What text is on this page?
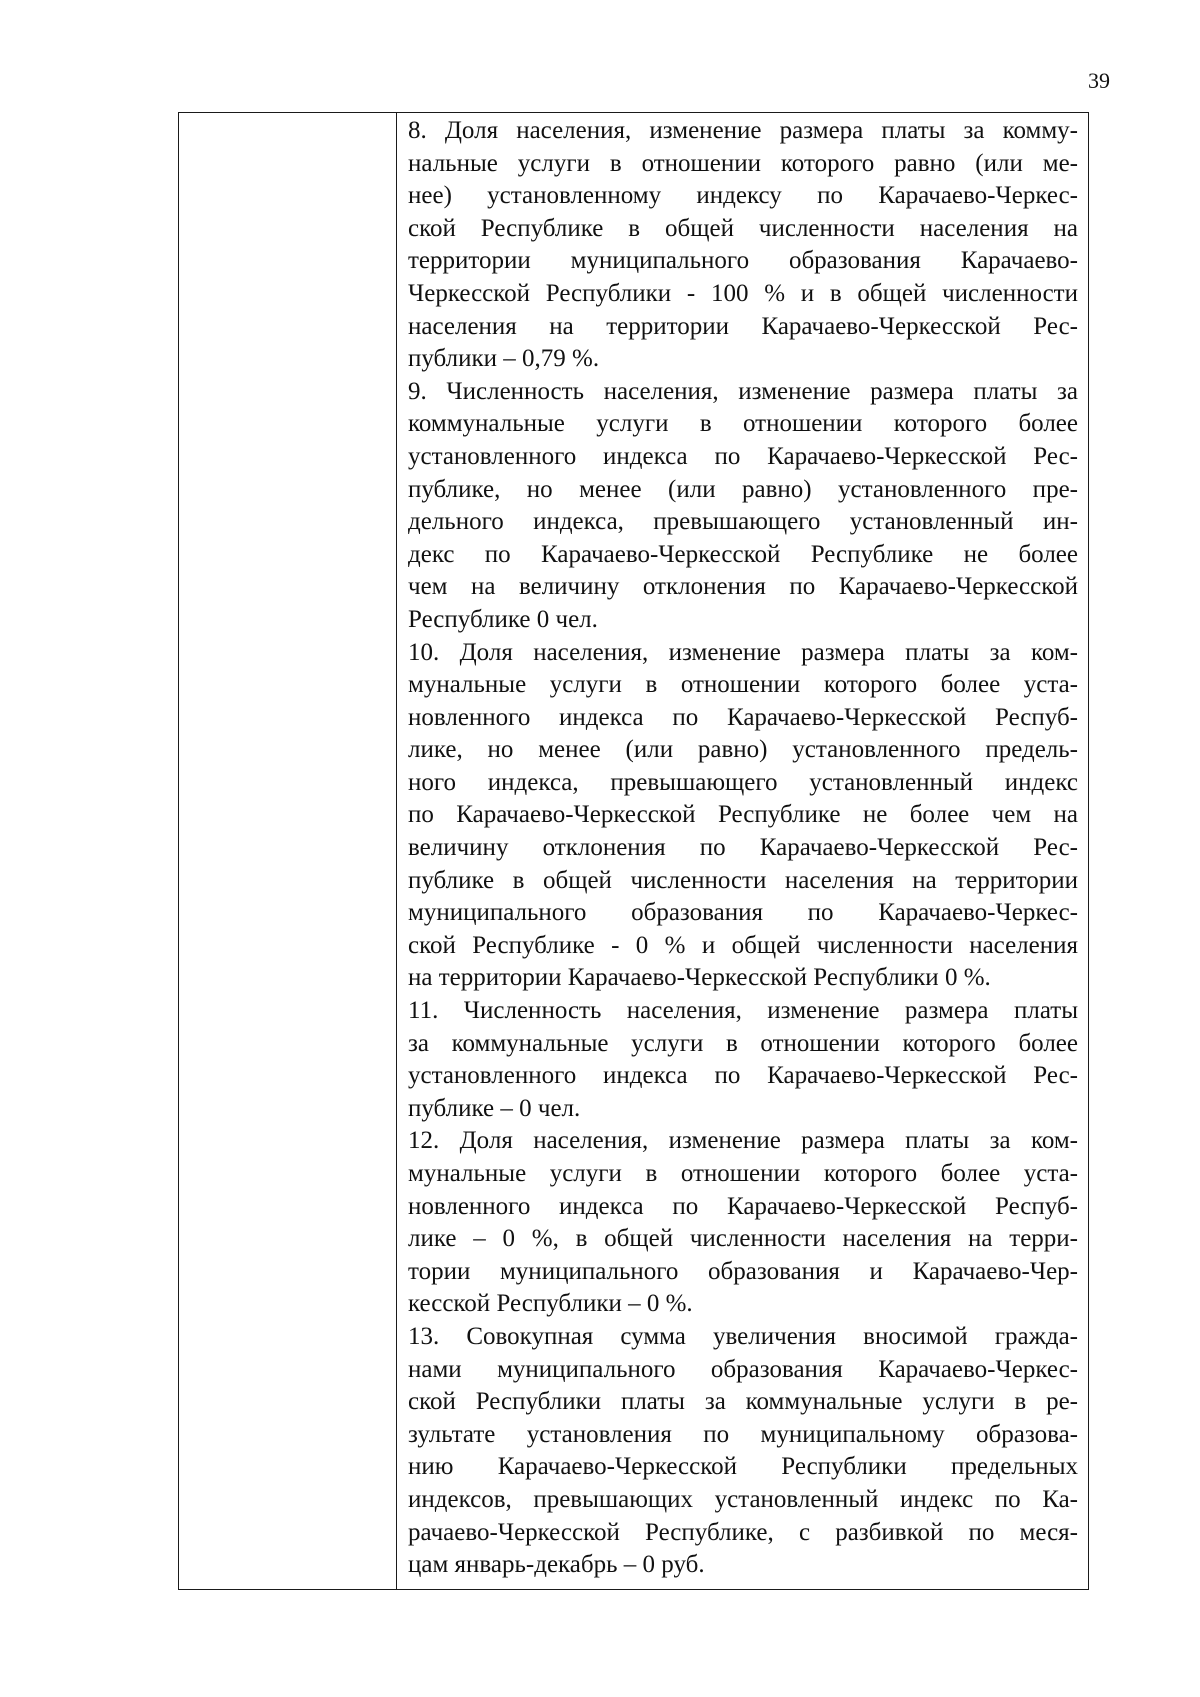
39
8. Доля населения, изменение размера платы за комму-
нальные услуги в отношении которого равно (или ме-
нее) установленному индексу по Карачаево-Черкес-
ской Республике в общей численности населения на
территории муниципального образования Карачаево-
Черкесской Республики - 100 % и в общей численности
населения на территории Карачаево-Черкесской Рес-
публики – 0,79 %.
9. Численность населения, изменение размера платы за
коммунальные услуги в отношении которого более
установленного индекса по Карачаево-Черкесской Рес-
публике, но менее (или равно) установленного пре-
дельного индекса, превышающего установленный ин-
декс по Карачаево-Черкесской Республике не более
чем на величину отклонения по Карачаево-Черкесской
Республике 0 чел.
10. Доля населения, изменение размера платы за ком-
мунальные услуги в отношении которого более уста-
новленного индекса по Карачаево-Черкесской Респуб-
лике, но менее (или равно) установленного предель-
ного индекса, превышающего установленный индекс
по Карачаево-Черкесской Республике не более чем на
величину отклонения по Карачаево-Черкесской Рес-
публике в общей численности населения на территории
муниципального образования по Карачаево-Черкес-
ской Республике - 0 % и общей численности населения
на территории Карачаево-Черкесской Республики 0 %.
11. Численность населения, изменение размера платы
за коммунальные услуги в отношении которого более
установленного индекса по Карачаево-Черкесской Рес-
публике – 0 чел.
12. Доля населения, изменение размера платы за ком-
мунальные услуги в отношении которого более уста-
новленного индекса по Карачаево-Черкесской Респуб-
лике – 0 %, в общей численности населения на терри-
тории муниципального образования и Карачаево-Чер-
кесской Республики – 0 %.
13. Совокупная сумма увеличения вносимой гражда-
нами муниципального образования Карачаево-Черкес-
ской Республики платы за коммунальные услуги в ре-
зультате установления по муниципальному образова-
нию Карачаево-Черкесской Республики предельных
индексов, превышающих установленный индекс по Ка-
рачаево-Черкесской Республике, с разбивкой по меся-
цам январь-декабрь – 0 руб.
